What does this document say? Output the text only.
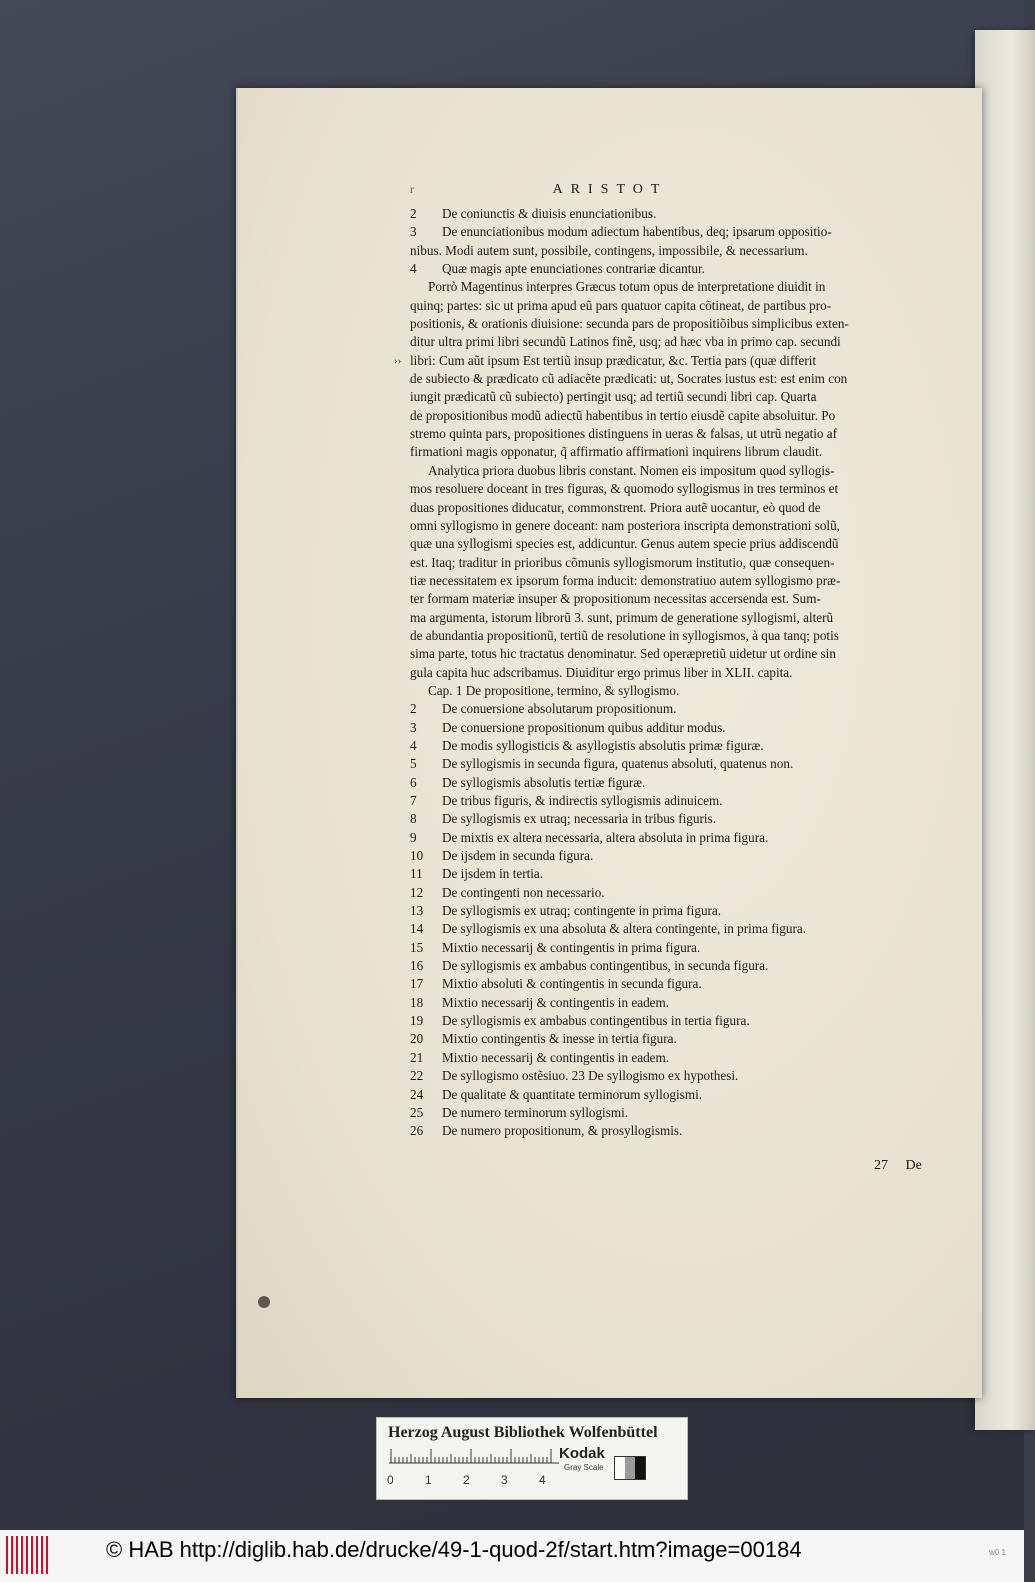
r	ARISTOT
2 De coniunctis & diuisis enunciationibus.
3 De enunciationibus modum adiectum habentibus, deq; ipsarum oppositio-
nibus. Modi autem sunt, possibile, contingens, impossibile, & necessarium.
4 Quæ magis apte enunciationes contrariæ dicantur.
Porrò Magentinus interpres Græcus totum opus de interpretatione diuidit in
quinq; partes: sic ut prima apud eũ pars quatuor capita cõtineat, de partibus pro-
positionis, & orationis diuisione: secunda pars de propositiõibus simplicibus exten-
ditur ultra primi libri secundũ Latinos finẽ, usq; ad hæc vba in primo cap. secundi
libri: Cum aũt ipsum Est tertiũ insup prædicatur, &c. Tertia pars (quæ differit
››
de subiecto & prædicato cũ adiacẽte prædicati: ut, Socrates iustus est: est enim con
iungit prædicatũ cũ subiecto) pertingit usq; ad tertiũ secundi libri cap. Quarta
de propositionibus modũ adiectũ habentibus in tertio eiusdẽ capite absoluitur. Po
stremo quinta pars, propositiones distinguens in ueras & falsas, ut utrũ negatio af
firmationi magis opponatur, q̃ affirmatio affirmationi inquirens librum claudit.
Analytica priora duobus libris constant. Nomen eis impositum quod syllogis-
mos resoluere doceant in tres figuras, & quomodo syllogismus in tres terminos et
duas propositiones diducatur, commonstrent. Priora autẽ uocantur, eò quod de
omni syllogismo in genere doceant: nam posteriora inscripta demonstrationi solũ,
quæ una syllogismi species est, addicuntur. Genus autem specie prius addiscendũ
est. Itaq; traditur in prioribus cõmunis syllogismorum institutio, quæ consequen-
tiæ necessitatem ex ipsorum forma inducit: demonstratiuo autem syllogismo præ-
ter formam materiæ insuper & propositionum necessitas accersenda est. Sum-
ma argumenta, istorum librorũ 3. sunt, primum de generatione syllogismi, alterũ
de abundantia propositionũ, tertiũ de resolutione in syllogismos, à qua tanq; potis
sima parte, totus hic tractatus denominatur. Sed operæpretiũ uidetur ut ordine sin
gula capita huc adscribamus. Diuiditur ergo primus liber in XLII. capita.
Cap. 1 De propositione, termino, & syllogismo.
2 De conuersione absolutarum propositionum.
3 De conuersione propositionum quibus additur modus.
4 De modis syllogisticis & asyllogistis absolutis primæ figuræ.
5 De syllogismis in secunda figura, quatenus absoluti, quatenus non.
6 De syllogismis absolutis tertiæ figuræ.
7 De tribus figuris, & indirectis syllogismis adinuicem.
8 De syllogismis ex utraq; necessaria in tribus figuris.
9 De mixtis ex altera necessaria, altera absoluta in prima figura.
10 De ijsdem in secunda figura.
11 De ijsdem in tertia.
12 De contingenti non necessario.
13 De syllogismis ex utraq; contingente in prima figura.
14 De syllogismis ex una absoluta & altera contingente, in prima figura.
15 Mixtio necessarij & contingentis in prima figura.
16 De syllogismis ex ambabus contingentibus, in secunda figura.
17 Mixtio absoluti & contingentis in secunda figura.
18 Mixtio necessarij & contingentis in eadem.
19 De syllogismis ex ambabus contingentibus in tertia figura.
20 Mixtio contingentis & inesse in tertia figura.
21 Mixtio necessarij & contingentis in eadem.
22 De syllogismo ostẽsiuo. 23 De syllogismo ex hypothesi.
24 De qualitate & quantitate terminorum syllogismi.
25 De numero terminorum syllogismi.
26 De numero propositionum, & prosyllogismis.
27 De
Herzog August Bibliothek Wolfenbüttel
0	1	2	3	4
Kodak
Gray Scale
© HAB http://diglib.hab.de/drucke/49-1-quod-2f/start.htm?image=00184	w0 1
